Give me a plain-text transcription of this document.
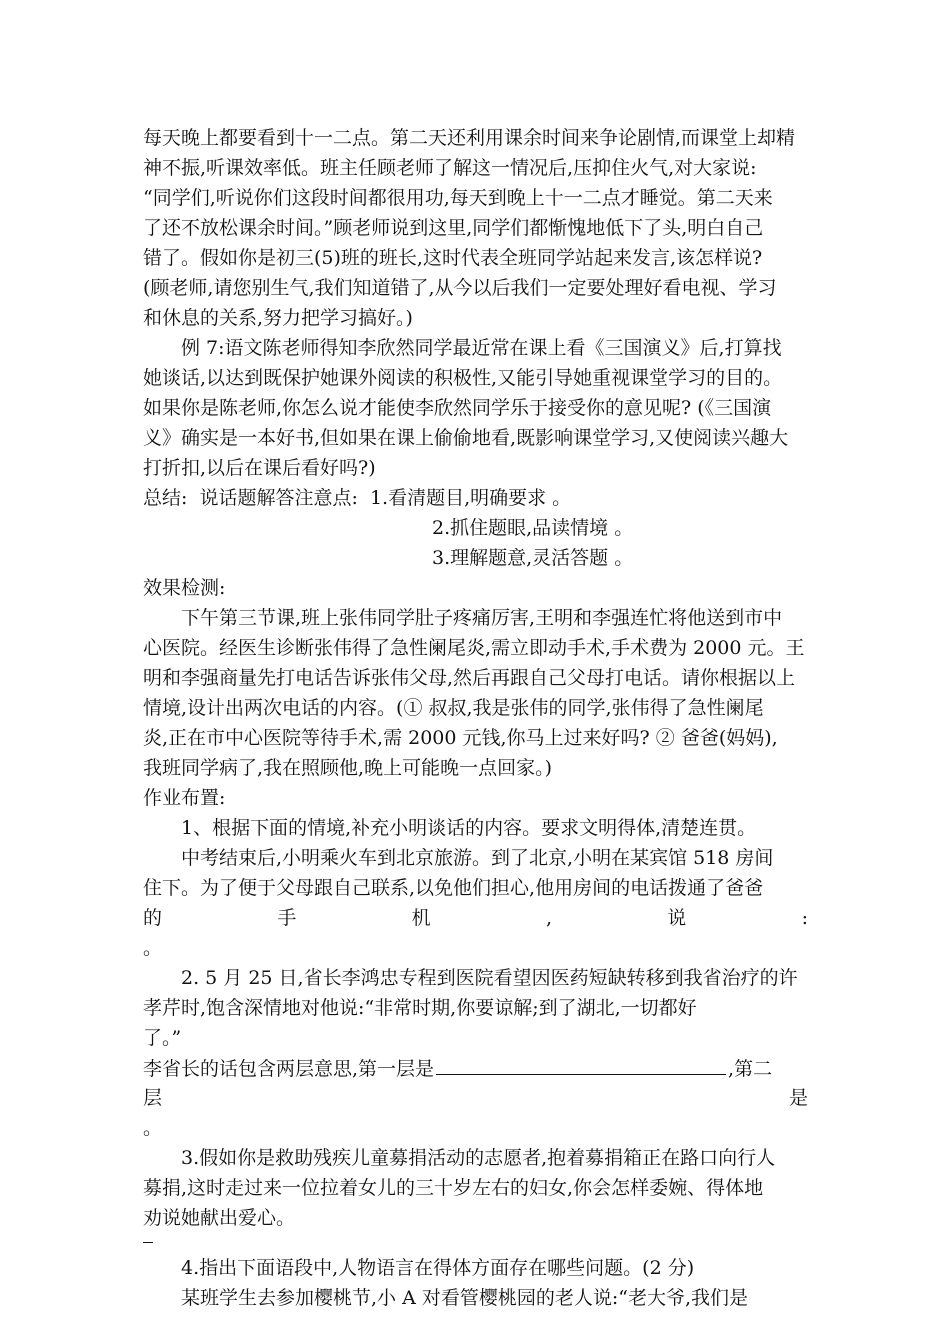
每天晚上都要看到十一二点。第二天还利用课余时间来争论剧情,而课堂上却精
神不振,听课效率低。班主任顾老师了解这一情况后,压抑住火气,对大家说:
“同学们,听说你们这段时间都很用功,每天到晚上十一二点才睡觉。第二天来
了还不放松课余时间。”顾老师说到这里,同学们都惭愧地低下了头,明白自己
错了。假如你是初三(5)班的班长,这时代表全班同学站起来发言,该怎样说?
(顾老师,请您别生气,我们知道错了,从今以后我们一定要处理好看电视、学习
和休息的关系,努力把学习搞好。)
例 7:语文陈老师得知李欣然同学最近常在课上看《三国演义》后,打算找
她谈话,以达到既保护她课外阅读的积极性,又能引导她重视课堂学习的目的。
如果你是陈老师,你怎么说才能使李欣然同学乐于接受你的意见呢? (《三国演
义》确实是一本好书,但如果在课上偷偷地看,既影响课堂学习,又使阅读兴趣大
打折扣,以后在课后看好吗?)
总结:  说话题解答注意点:  1.看清题目,明确要求 。
2.抓住题眼,品读情境 。
3.理解题意,灵活答题 。
效果检测:
下午第三节课,班上张伟同学肚子疼痛厉害,王明和李强连忙将他送到市中
心医院。经医生诊断张伟得了急性阑尾炎,需立即动手术,手术费为 2000 元。王
明和李强商量先打电话告诉张伟父母,然后再跟自己父母打电话。请你根据以上
情境,设计出两次电话的内容。(① 叔叔,我是张伟的同学,张伟得了急性阑尾
炎,正在市中心医院等待手术,需 2000 元钱,你马上过来好吗? ② 爸爸(妈妈),
我班同学病了,我在照顾他,晚上可能晚一点回家。)
作业布置:
1、根据下面的情境,补充小明谈话的内容。要求文明得体,清楚连贯。
中考结束后,小明乘火车到北京旅游。到了北京,小明在某宾馆 518 房间
住下。为了便于父母跟自己联系,以免他们担心,他用房间的电话拨通了爸爸
的	手	机	,	说	:
。
2. 5 月 25 日,省长李鸿忠专程到医院看望因医药短缺转移到我省治疗的许
孝芹时,饱含深情地对他说:“非常时期,你要谅解;到了湖北,一切都好
了。”
李省长的话包含两层意思,第一层是	,第二
层	是
。
3.假如你是救助残疾儿童募捐活动的志愿者,抱着募捐箱正在路口向行人
募捐,这时走过来一位拉着女儿的三十岁左右的妇女,你会怎样委婉、得体地
劝说她献出爱心。
4.指出下面语段中,人物语言在得体方面存在哪些问题。(2 分)
某班学生去参加樱桃节,小 A 对看管樱桃园的老人说:“老大爷,我们是
